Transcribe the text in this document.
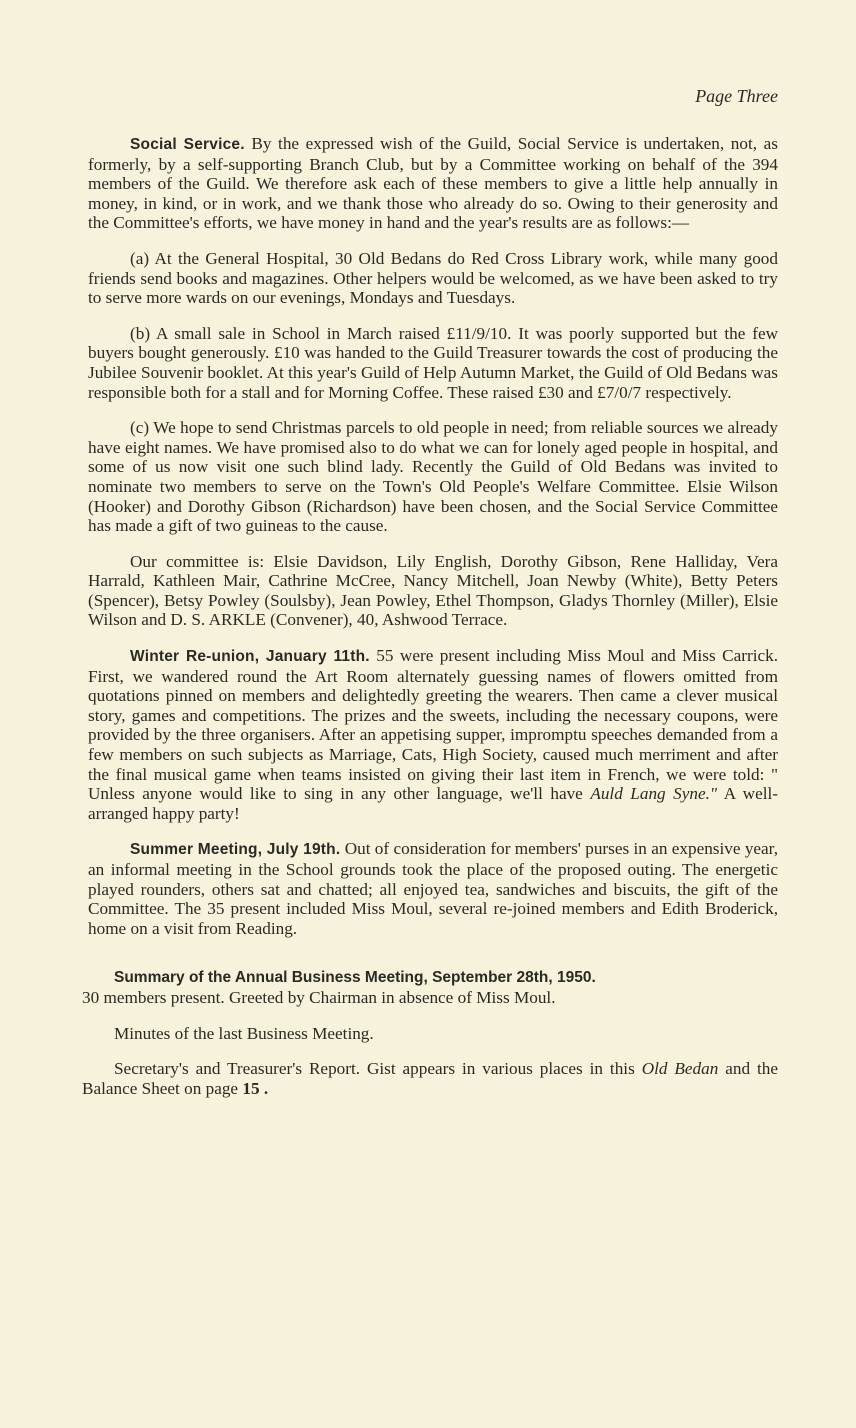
Page Three

Social Service. By the expressed wish of the Guild, Social Service is undertaken, not, as formerly, by a self-supporting Branch Club, but by a Committee working on behalf of the 394 members of the Guild. We therefore ask each of these members to give a little help annually in money, in kind, or in work, and we thank those who already do so. Owing to their generosity and the Committee's efforts, we have money in hand and the year's results are as follows:—

(a) At the General Hospital, 30 Old Bedans do Red Cross Library work, while many good friends send books and magazines. Other helpers would be welcomed, as we have been asked to try to serve more wards on our evenings, Mondays and Tuesdays.

(b) A small sale in School in March raised £11/9/10. It was poorly supported but the few buyers bought generously. £10 was handed to the Guild Treasurer towards the cost of producing the Jubilee Souvenir booklet. At this year's Guild of Help Autumn Market, the Guild of Old Bedans was responsible both for a stall and for Morning Coffee. These raised £30 and £7/0/7 respectively.

(c) We hope to send Christmas parcels to old people in need; from reliable sources we already have eight names. We have promised also to do what we can for lonely aged people in hospital, and some of us now visit one such blind lady. Recently the Guild of Old Bedans was invited to nominate two members to serve on the Town's Old People's Welfare Committee. Elsie Wilson (Hooker) and Dorothy Gibson (Richardson) have been chosen, and the Social Service Committee has made a gift of two guineas to the cause.

Our committee is: Elsie Davidson, Lily English, Dorothy Gibson, Rene Halliday, Vera Harrald, Kathleen Mair, Cathrine McCree, Nancy Mitchell, Joan Newby (White), Betty Peters (Spencer), Betsy Powley (Soulsby), Jean Powley, Ethel Thompson, Gladys Thornley (Miller), Elsie Wilson and D. S. ARKLE (Convener), 40, Ashwood Terrace.

Winter Re-union, January 11th. 55 were present including Miss Moul and Miss Carrick. First, we wandered round the Art Room alternately guessing names of flowers omitted from quotations pinned on members and delightedly greeting the wearers. Then came a clever musical story, games and competitions. The prizes and the sweets, including the necessary coupons, were provided by the three organisers. After an appetising supper, impromptu speeches demanded from a few members on such subjects as Marriage, Cats, High Society, caused much merriment and after the final musical game when teams insisted on giving their last item in French, we were told: " Unless anyone would like to sing in any other language, we'll have Auld Lang Syne." A well-arranged happy party!

Summer Meeting, July 19th. Out of consideration for members' purses in an expensive year, an informal meeting in the School grounds took the place of the proposed outing. The energetic played rounders, others sat and chatted; all enjoyed tea, sandwiches and biscuits, the gift of the Committee. The 35 present included Miss Moul, several re-joined members and Edith Broderick, home on a visit from Reading.

Summary of the Annual Business Meeting, September 28th, 1950.
30 members present. Greeted by Chairman in absence of Miss Moul.
Minutes of the last Business Meeting.

Secretary's and Treasurer's Report. Gist appears in various places in this Old Bedan and the Balance Sheet on page 15 .
